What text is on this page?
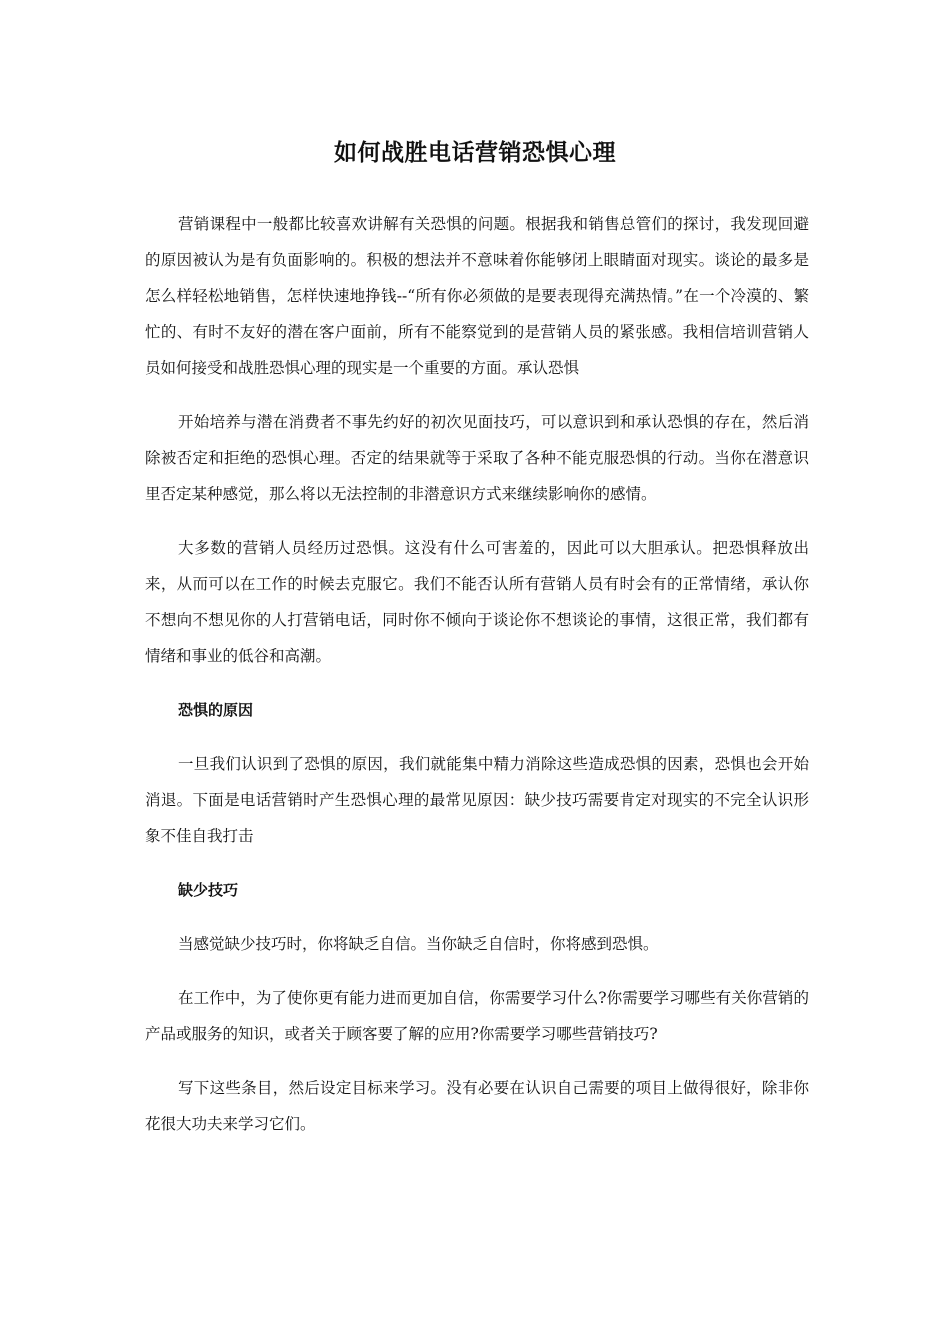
如何战胜电话营销恐惧心理

营销课程中一般都比较喜欢讲解有关恐惧的问题。根据我和销售总管们的探讨，我发现回避的原因被认为是有负面影响的。积极的想法并不意味着你能够闭上眼睛面对现实。谈论的最多是怎么样轻松地销售，怎样快速地挣钱--“所有你必须做的是要表现得充满热情。”在一个冷漠的、繁忙的、有时不友好的潜在客户面前，所有不能察觉到的是营销人员的紧张感。我相信培训营销人员如何接受和战胜恐惧心理的现实是一个重要的方面。承认恐惧

开始培养与潜在消费者不事先约好的初次见面技巧，可以意识到和承认恐惧的存在，然后消除被否定和拒绝的恐惧心理。否定的结果就等于采取了各种不能克服恐惧的行动。当你在潜意识里否定某种感觉，那么将以无法控制的非潜意识方式来继续影响你的感情。

大多数的营销人员经历过恐惧。这没有什么可害羞的，因此可以大胆承认。把恐惧释放出来，从而可以在工作的时候去克服它。我们不能否认所有营销人员有时会有的正常情绪，承认你不想向不想见你的人打营销电话，同时你不倾向于谈论你不想谈论的事情，这很正常，我们都有情绪和事业的低谷和高潮。

恐惧的原因

一旦我们认识到了恐惧的原因，我们就能集中精力消除这些造成恐惧的因素，恐惧也会开始消退。下面是电话营销时产生恐惧心理的最常见原因：缺少技巧需要肯定对现实的不完全认识形象不佳自我打击

缺少技巧

当感觉缺少技巧时，你将缺乏自信。当你缺乏自信时，你将感到恐惧。

在工作中，为了使你更有能力进而更加自信，你需要学习什么?你需要学习哪些有关你营销的产品或服务的知识，或者关于顾客要了解的应用?你需要学习哪些营销技巧?

写下这些条目，然后设定目标来学习。没有必要在认识自己需要的项目上做得很好，除非你花很大功夫来学习它们。
